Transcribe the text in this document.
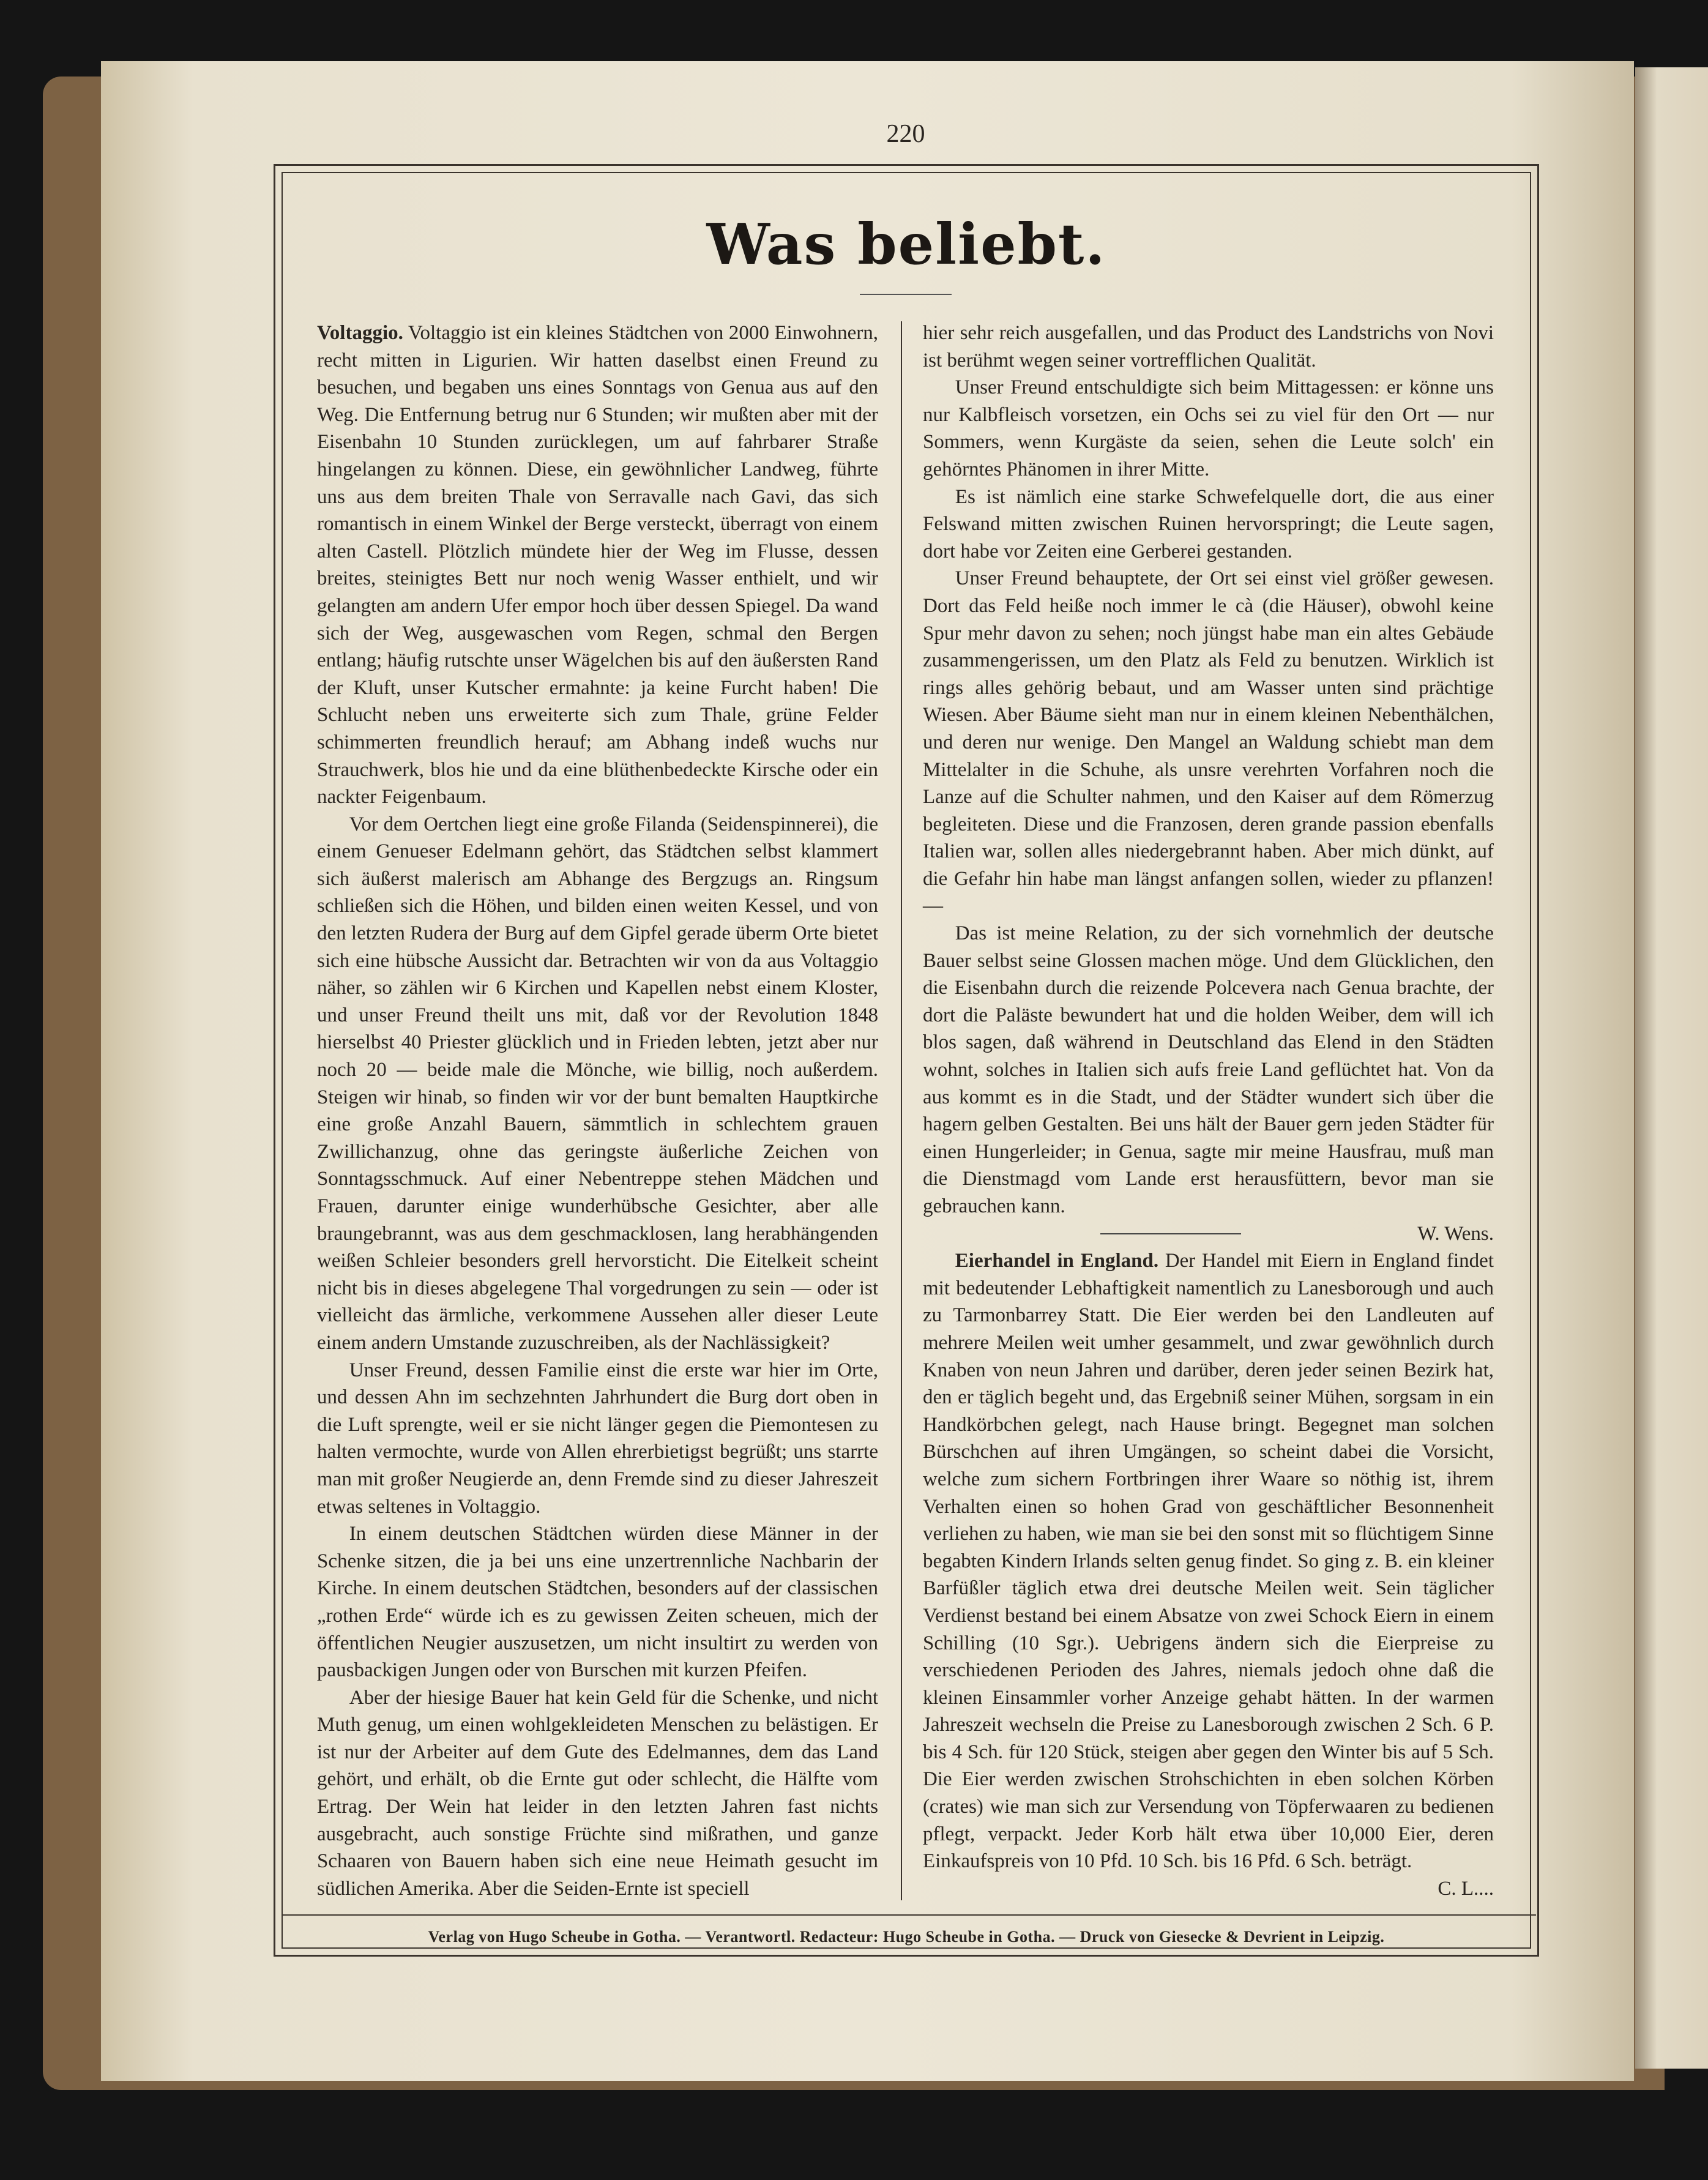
220
Was beliebt.

Voltaggio. Voltaggio ist ein kleines Städtchen von 2000 Einwohnern, recht mitten in Ligurien. Wir hatten daselbst einen Freund zu besuchen, und begaben uns eines Sonntags von Genua aus auf den Weg. Die Entfernung betrug nur 6 Stunden; wir mußten aber mit der Eisenbahn 10 Stunden zurücklegen, um auf fahrbarer Straße hingelangen zu können. Diese, ein gewöhnlicher Landweg, führte uns aus dem breiten Thale von Serravalle nach Gavi, das sich romantisch in einem Winkel der Berge versteckt, überragt von einem alten Castell. Plötzlich mündete hier der Weg im Flusse, dessen breites, steinigtes Bett nur noch wenig Wasser enthielt, und wir gelangten am andern Ufer empor hoch über dessen Spiegel. Da wand sich der Weg, ausgewaschen vom Regen, schmal den Bergen entlang; häufig rutschte unser Wägelchen bis auf den äußersten Rand der Kluft, unser Kutscher ermahnte: ja keine Furcht haben! Die Schlucht neben uns erweiterte sich zum Thale, grüne Felder schimmerten freundlich herauf; am Abhang indeß wuchs nur Strauchwerk, blos hie und da eine blüthenbedeckte Kirsche oder ein nackter Feigenbaum.

Vor dem Oertchen liegt eine große Filanda (Seidenspinnerei), die einem Genueser Edelmann gehört, das Städtchen selbst klammert sich äußerst malerisch am Abhange des Bergzugs an. Ringsum schließen sich die Höhen, und bilden einen weiten Kessel, und von den letzten Rudera der Burg auf dem Gipfel gerade überm Orte bietet sich eine hübsche Aussicht dar. Betrachten wir von da aus Voltaggio näher, so zählen wir 6 Kirchen und Kapellen nebst einem Kloster, und unser Freund theilt uns mit, daß vor der Revolution 1848 hierselbst 40 Priester glücklich und in Frieden lebten, jetzt aber nur noch 20 — beide male die Mönche, wie billig, noch außerdem. Steigen wir hinab, so finden wir vor der bunt bemalten Hauptkirche eine große Anzahl Bauern, sämmtlich in schlechtem grauen Zwillichanzug, ohne das geringste äußerliche Zeichen von Sonntagsschmuck. Auf einer Nebentreppe stehen Mädchen und Frauen, darunter einige wunderhübsche Gesichter, aber alle braungebrannt, was aus dem geschmacklosen, lang herabhängenden weißen Schleier besonders grell hervorsticht. Die Eitelkeit scheint nicht bis in dieses abgelegene Thal vorgedrungen zu sein — oder ist vielleicht das ärmliche, verkommene Aussehen aller dieser Leute einem andern Umstande zuzuschreiben, als der Nachlässigkeit?

Unser Freund, dessen Familie einst die erste war hier im Orte, und dessen Ahn im sechzehnten Jahrhundert die Burg dort oben in die Luft sprengte, weil er sie nicht länger gegen die Piemontesen zu halten vermochte, wurde von Allen ehrerbietigst begrüßt; uns starrte man mit großer Neugierde an, denn Fremde sind zu dieser Jahreszeit etwas seltenes in Voltaggio.

In einem deutschen Städtchen würden diese Männer in der Schenke sitzen, die ja bei uns eine unzertrennliche Nachbarin der Kirche. In einem deutschen Städtchen, besonders auf der classischen „rothen Erde“ würde ich es zu gewissen Zeiten scheuen, mich der öffentlichen Neugier auszusetzen, um nicht insultirt zu werden von pausbackigen Jungen oder von Burschen mit kurzen Pfeifen.

Aber der hiesige Bauer hat kein Geld für die Schenke, und nicht Muth genug, um einen wohlgekleideten Menschen zu belästigen. Er ist nur der Arbeiter auf dem Gute des Edelmannes, dem das Land gehört, und erhält, ob die Ernte gut oder schlecht, die Hälfte vom Ertrag. Der Wein hat leider in den letzten Jahren fast nichts ausgebracht, auch sonstige Früchte sind mißrathen, und ganze Schaaren von Bauern haben sich eine neue Heimath gesucht im südlichen Amerika. Aber die Seiden-Ernte ist speciell

hier sehr reich ausgefallen, und das Product des Landstrichs von Novi ist berühmt wegen seiner vortrefflichen Qualität.

Unser Freund entschuldigte sich beim Mittagessen: er könne uns nur Kalbfleisch vorsetzen, ein Ochs sei zu viel für den Ort — nur Sommers, wenn Kurgäste da seien, sehen die Leute solch' ein gehörntes Phänomen in ihrer Mitte.

Es ist nämlich eine starke Schwefelquelle dort, die aus einer Felswand mitten zwischen Ruinen hervorspringt; die Leute sagen, dort habe vor Zeiten eine Gerberei gestanden.

Unser Freund behauptete, der Ort sei einst viel größer gewesen. Dort das Feld heiße noch immer le cà (die Häuser), obwohl keine Spur mehr davon zu sehen; noch jüngst habe man ein altes Gebäude zusammengerissen, um den Platz als Feld zu benutzen. Wirklich ist rings alles gehörig bebaut, und am Wasser unten sind prächtige Wiesen. Aber Bäume sieht man nur in einem kleinen Nebenthälchen, und deren nur wenige. Den Mangel an Waldung schiebt man dem Mittelalter in die Schuhe, als unsre verehrten Vorfahren noch die Lanze auf die Schulter nahmen, und den Kaiser auf dem Römerzug begleiteten. Diese und die Franzosen, deren grande passion ebenfalls Italien war, sollen alles niedergebrannt haben. Aber mich dünkt, auf die Gefahr hin habe man längst anfangen sollen, wieder zu pflanzen! —

Das ist meine Relation, zu der sich vornehmlich der deutsche Bauer selbst seine Glossen machen möge. Und dem Glücklichen, den die Eisenbahn durch die reizende Polcevera nach Genua brachte, der dort die Paläste bewundert hat und die holden Weiber, dem will ich blos sagen, daß während in Deutschland das Elend in den Städten wohnt, solches in Italien sich aufs freie Land geflüchtet hat. Von da aus kommt es in die Stadt, und der Städter wundert sich über die hagern gelben Gestalten. Bei uns hält der Bauer gern jeden Städter für einen Hungerleider; in Genua, sagte mir meine Hausfrau, muß man die Dienstmagd vom Lande erst herausfüttern, bevor man sie gebrauchen kann.

W. Wens.

Eierhandel in England. Der Handel mit Eiern in England findet mit bedeutender Lebhaftigkeit namentlich zu Lanesborough und auch zu Tarmonbarrey Statt. Die Eier werden bei den Landleuten auf mehrere Meilen weit umher gesammelt, und zwar gewöhnlich durch Knaben von neun Jahren und darüber, deren jeder seinen Bezirk hat, den er täglich begeht und, das Ergebniß seiner Mühen, sorgsam in ein Handkörbchen gelegt, nach Hause bringt. Begegnet man solchen Bürschchen auf ihren Umgängen, so scheint dabei die Vorsicht, welche zum sichern Fortbringen ihrer Waare so nöthig ist, ihrem Verhalten einen so hohen Grad von geschäftlicher Besonnenheit verliehen zu haben, wie man sie bei den sonst mit so flüchtigem Sinne begabten Kindern Irlands selten genug findet. So ging z. B. ein kleiner Barfüßler täglich etwa drei deutsche Meilen weit. Sein täglicher Verdienst bestand bei einem Absatze von zwei Schock Eiern in einem Schilling (10 Sgr.). Uebrigens ändern sich die Eierpreise zu verschiedenen Perioden des Jahres, niemals jedoch ohne daß die kleinen Einsammler vorher Anzeige gehabt hätten. In der warmen Jahreszeit wechseln die Preise zu Lanesborough zwischen 2 Sch. 6 P. bis 4 Sch. für 120 Stück, steigen aber gegen den Winter bis auf 5 Sch. Die Eier werden zwischen Strohschichten in eben solchen Körben (crates) wie man sich zur Versendung von Töpferwaaren zu bedienen pflegt, verpackt. Jeder Korb hält etwa über 10,000 Eier, deren Einkaufspreis von 10 Pfd. 10 Sch. bis 16 Pfd. 6 Sch. beträgt.

C. L....
Verlag von Hugo Scheube in Gotha. — Verantwortl. Redacteur: Hugo Scheube in Gotha. — Druck von Giesecke & Devrient in Leipzig.
